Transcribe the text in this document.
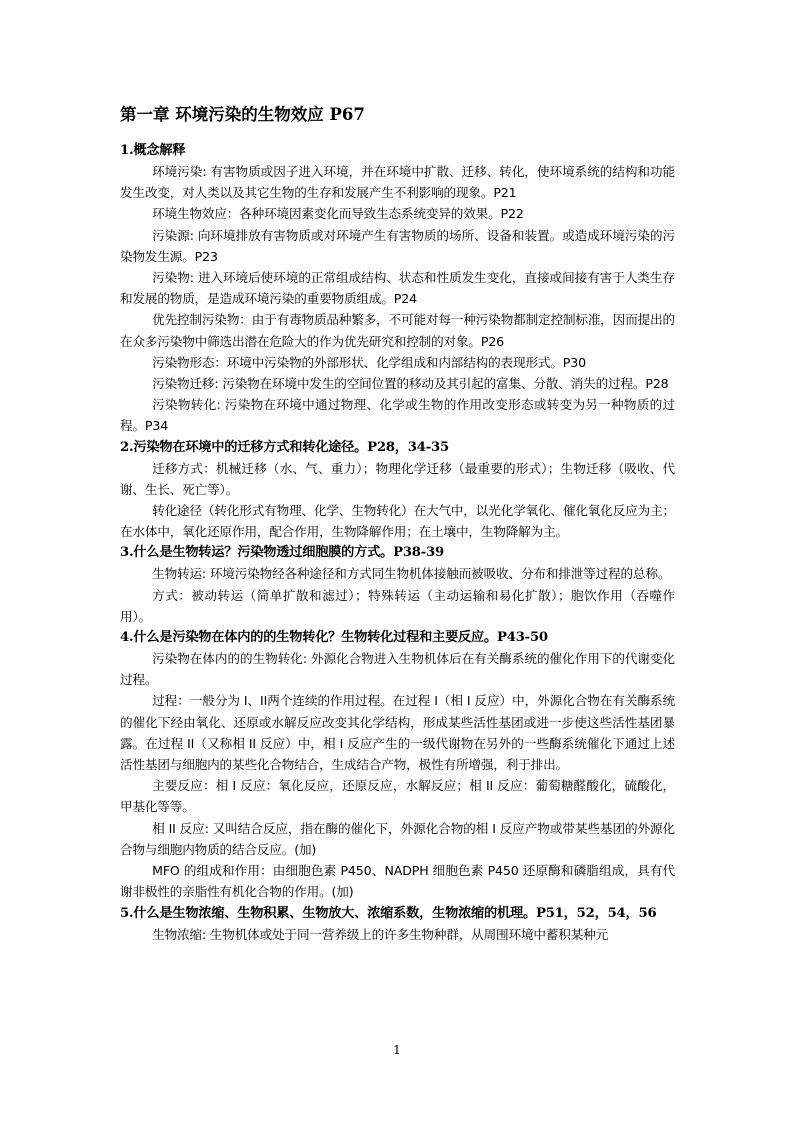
第一章 环境污染的生物效应 P67
1.概念解释

环境污染: 有害物质或因子进入环境，并在环境中扩散、迁移、转化，使环境系统的结构和功能发生改变，对人类以及其它生物的生存和发展产生不利影响的现象。P21

环境生物效应：各种环境因素变化而导致生态系统变异的效果。P22

污染源: 向环境排放有害物质或对环境产生有害物质的场所、设备和装置。或造成环境污染的污染物发生源。P23

污染物: 进入环境后使环境的正常组成结构、状态和性质发生变化，直接或间接有害于人类生存和发展的物质，是造成环境污染的重要物质组成。P24

优先控制污染物：由于有毒物质品种繁多，不可能对每一种污染物都制定控制标准，因而提出的在众多污染物中筛选出潜在危险大的作为优先研究和控制的对象。P26

污染物形态：环境中污染物的外部形状、化学组成和内部结构的表现形式。P30

污染物迁移: 污染物在环境中发生的空间位置的移动及其引起的富集、分散、消失的过程。P28

污染物转化: 污染物在环境中通过物理、化学或生物的作用改变形态或转变为另一种物质的过程。P34

2.污染物在环境中的迁移方式和转化途径。P28，34-35

迁移方式：机械迁移（水、气、重力）；物理化学迁移（最重要的形式）；生物迁移（吸收、代谢、生长、死亡等）。

转化途径（转化形式有物理、化学、生物转化）在大气中，以光化学氧化、催化氧化反应为主；在水体中，氧化还原作用，配合作用，生物降解作用；在土壤中，生物降解为主。

3.什么是生物转运？污染物透过细胞膜的方式。P38-39

生物转运: 环境污染物经各种途径和方式同生物机体接触而被吸收、分布和排泄等过程的总称。

方式：被动转运（简单扩散和滤过）；特殊转运（主动运输和易化扩散）；胞饮作用（吞噬作用）。

4.什么是污染物在体内的的生物转化？生物转化过程和主要反应。P43-50

污染物在体内的的生物转化: 外源化合物进入生物机体后在有关酶系统的催化作用下的代谢变化过程。

过程：一般分为 I、II两个连续的作用过程。在过程 I（相 I 反应）中，外源化合物在有关酶系统的催化下经由氧化、还原或水解反应改变其化学结构，形成某些活性基团或进一步使这些活性基团暴露。在过程 II（又称相 II 反应）中，相 I 反应产生的一级代谢物在另外的一些酶系统催化下通过上述活性基团与细胞内的某些化合物结合，生成结合产物，极性有所增强，利于排出。

主要反应：相 I 反应：氧化反应，还原反应，水解反应；相 II 反应：葡萄糖醛酸化，硫酸化，甲基化等等。

相 II 反应: 又叫结合反应，指在酶的催化下，外源化合物的相 I 反应产物或带某些基团的外源化合物与细胞内物质的结合反应。(加)

MFO 的组成和作用：由细胞色素 P450、NADPH 细胞色素 P450 还原酶和磷脂组成，具有代谢非极性的亲脂性有机化合物的作用。(加)

5.什么是生物浓缩、生物积累、生物放大、浓缩系数，生物浓缩的机理。P51，52，54，56

生物浓缩: 生物机体或处于同一营养级上的许多生物种群，从周围环境中蓄积某种元

1
